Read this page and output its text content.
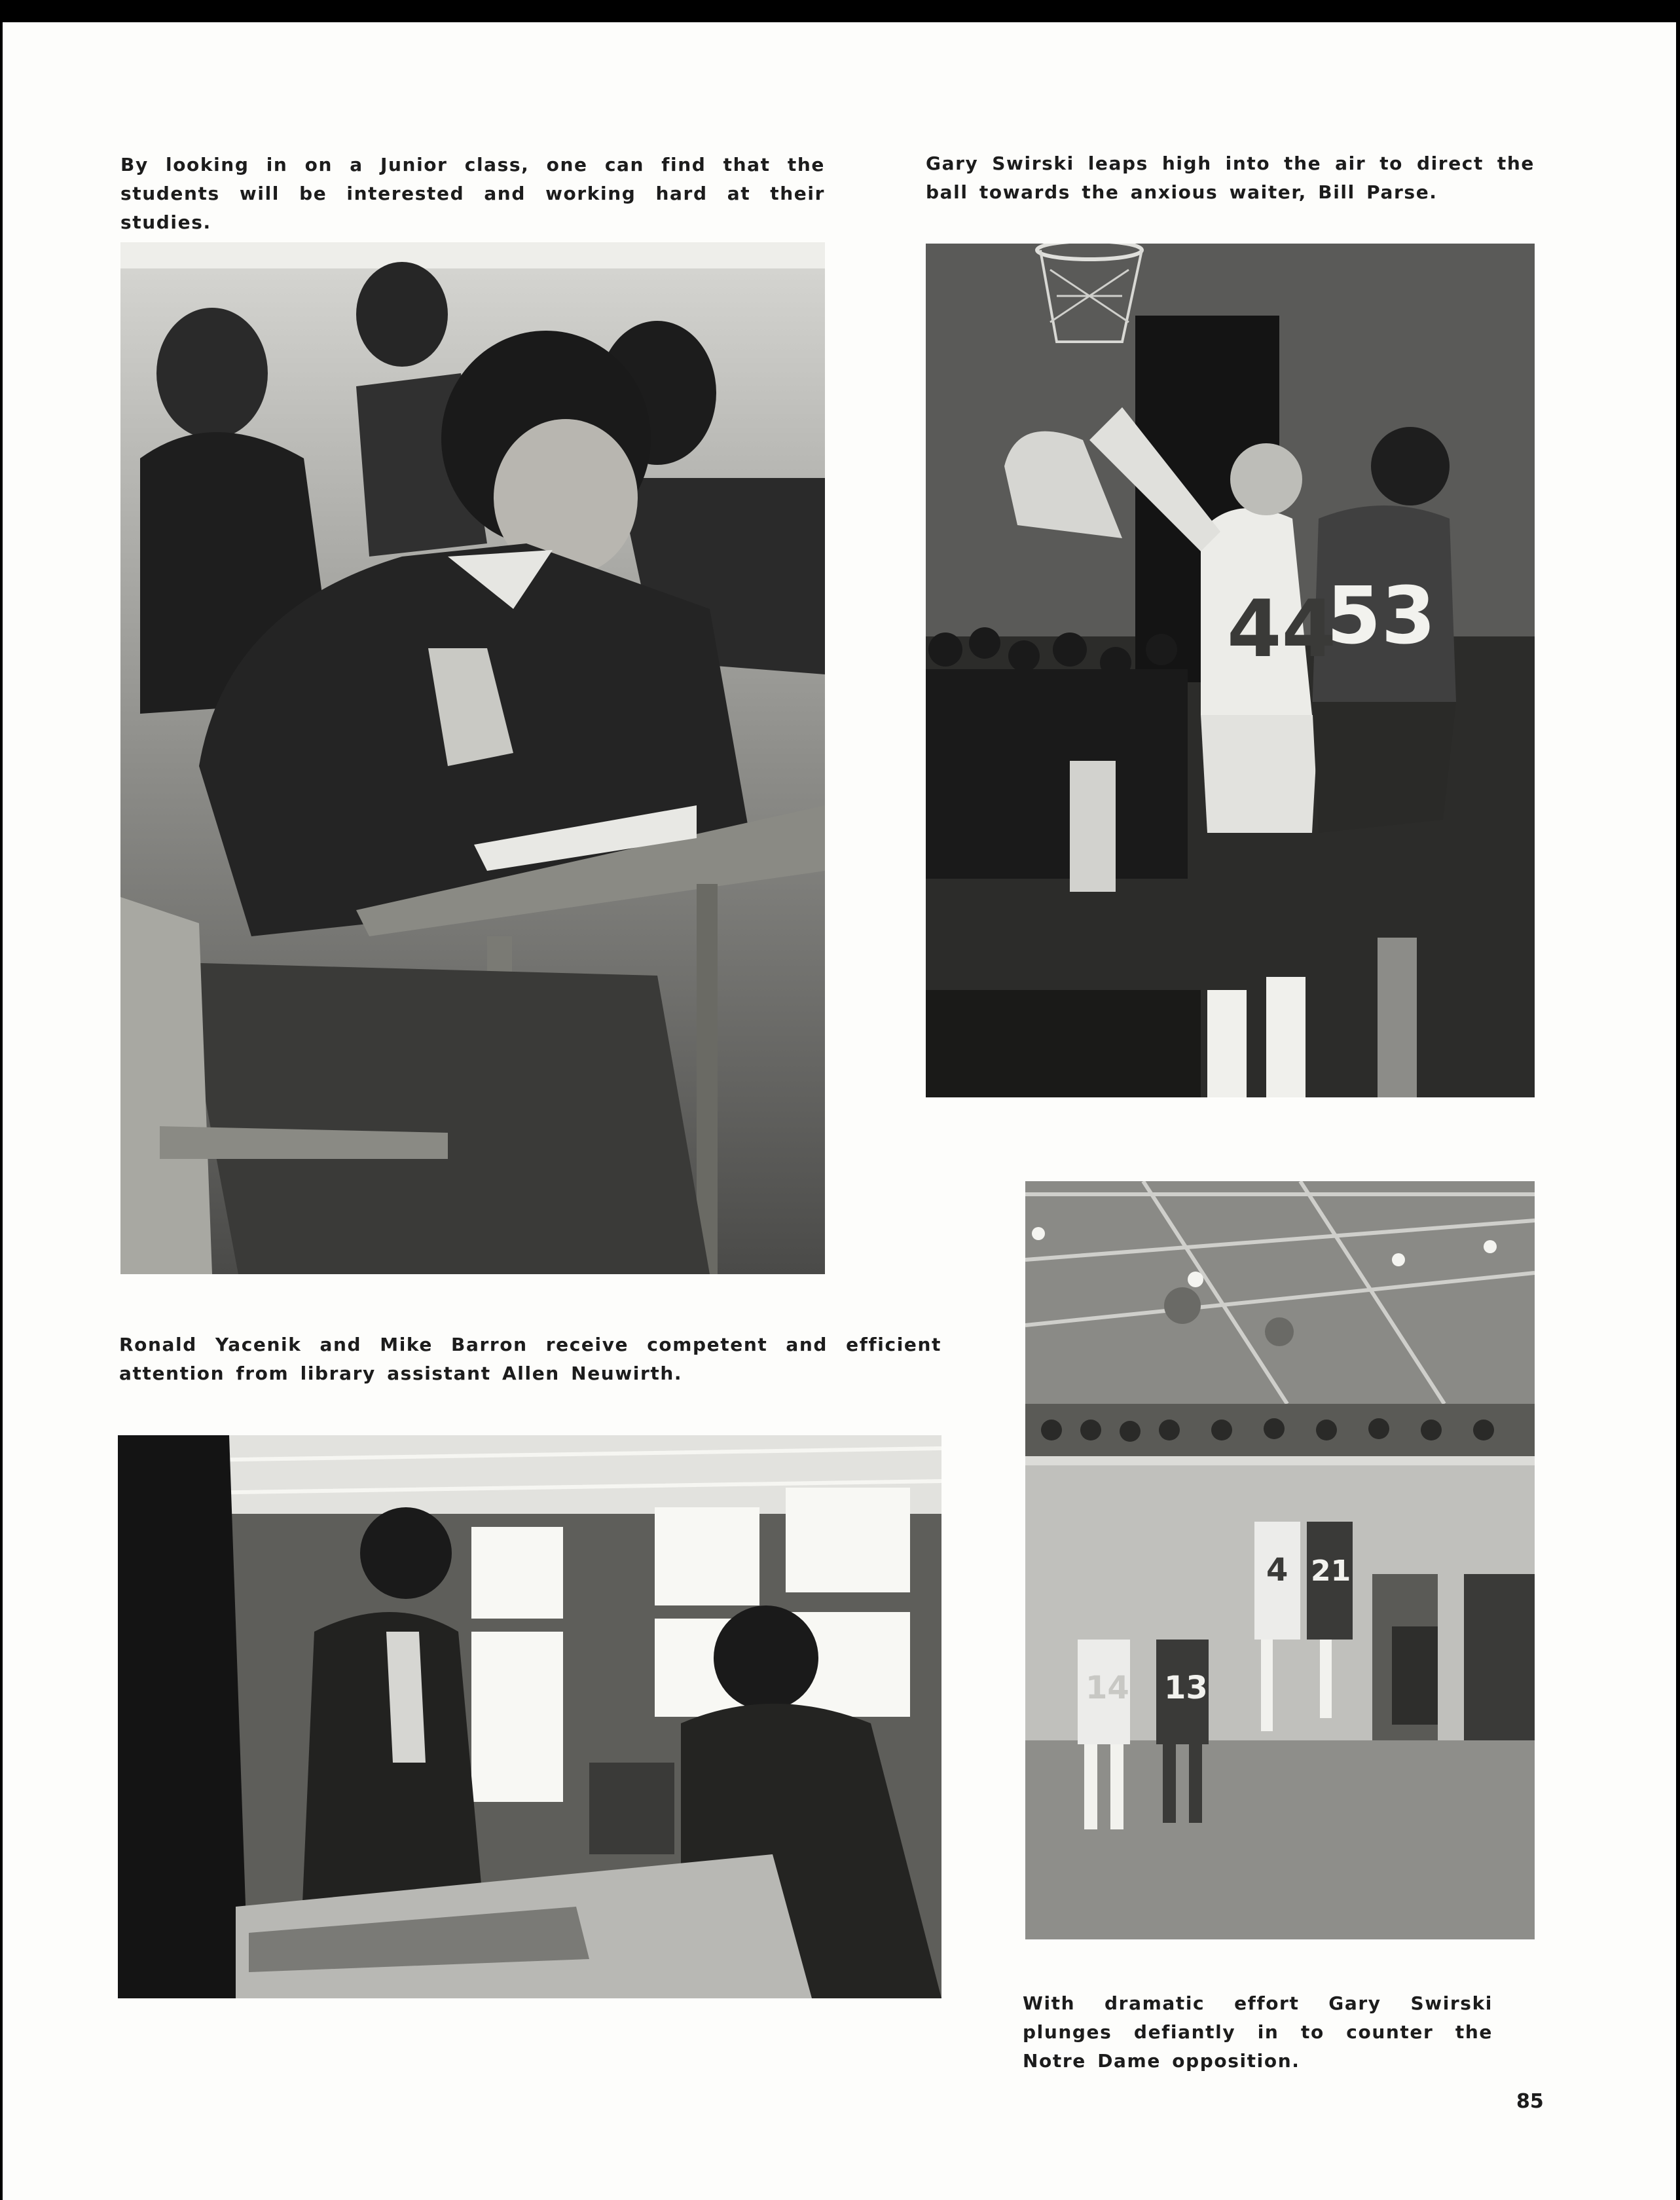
By looking in on a Junior class, one can find that the students will be interested and working hard at their studies.
Gary Swirski leaps high into the air to direct the ball towards the anxious waiter, Bill Parse.
44
53
4 21
14 13
Ronald Yacenik and Mike Barron receive competent and efficient attention from library assistant Allen Neuwirth.
With dramatic effort Gary Swirski plunges defiantly in to counter the Notre Dame opposition.
85
